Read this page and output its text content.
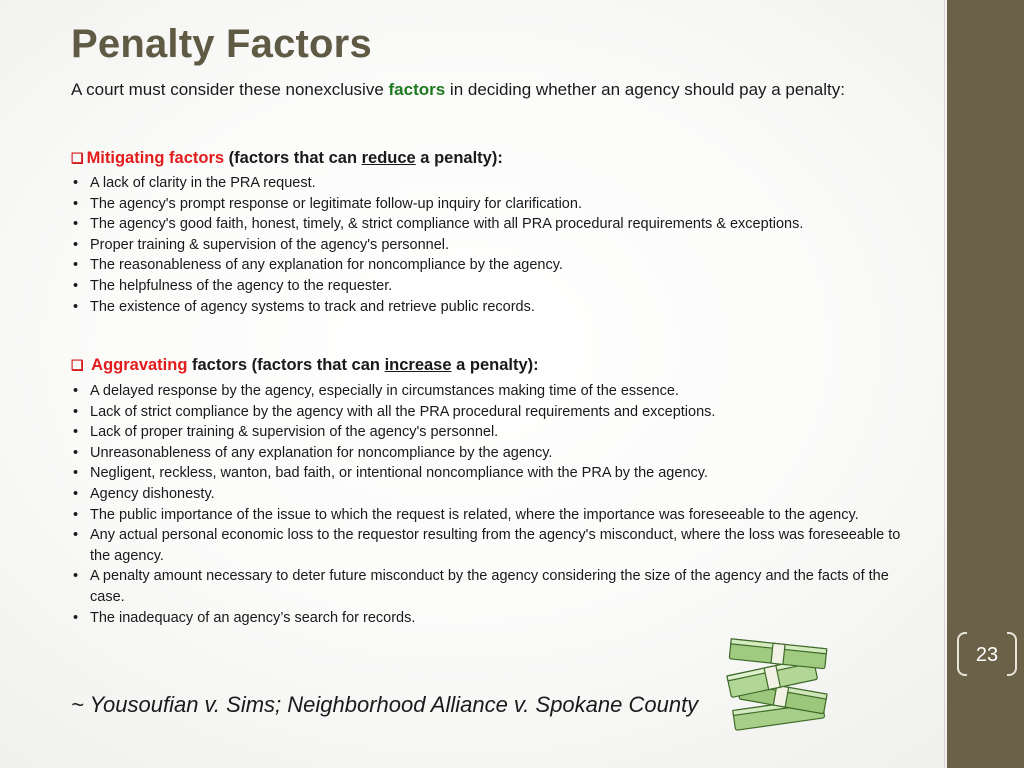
23
Penalty Factors

A court must consider these nonexclusive factors in deciding whether an agency should pay a penalty:

❑ Mitigating factors (factors that can reduce a penalty):

• A lack of clarity in the PRA request.
• The agency's prompt response or legitimate follow-up inquiry for clarification.
• The agency's good faith, honest, timely, & strict compliance with all PRA procedural requirements & exceptions.
• Proper training & supervision of the agency's personnel.
• The reasonableness of any explanation for noncompliance by the agency.
• The helpfulness of the agency to the requester.
• The existence of agency systems to track and retrieve public records.

❑ Aggravating factors (factors that can increase a penalty):

• A delayed response by the agency, especially in circumstances making time of the essence.
• Lack of strict compliance by the agency with all the PRA procedural requirements and exceptions.
• Lack of proper training & supervision of the agency's personnel.
• Unreasonableness of any explanation for noncompliance by the agency.
• Negligent, reckless, wanton, bad faith, or intentional noncompliance with the PRA by the agency.
• Agency dishonesty.
• The public importance of the issue to which the request is related, where the importance was foreseeable to the agency.
• Any actual personal economic loss to the requestor resulting from the agency's misconduct, where the loss was foreseeable to the agency.
• A penalty amount necessary to deter future misconduct by the agency considering the size of the agency and the facts of the case.
• The inadequacy of an agency’s search for records.

~ Yousoufian v. Sims; Neighborhood Alliance v. Spokane County
